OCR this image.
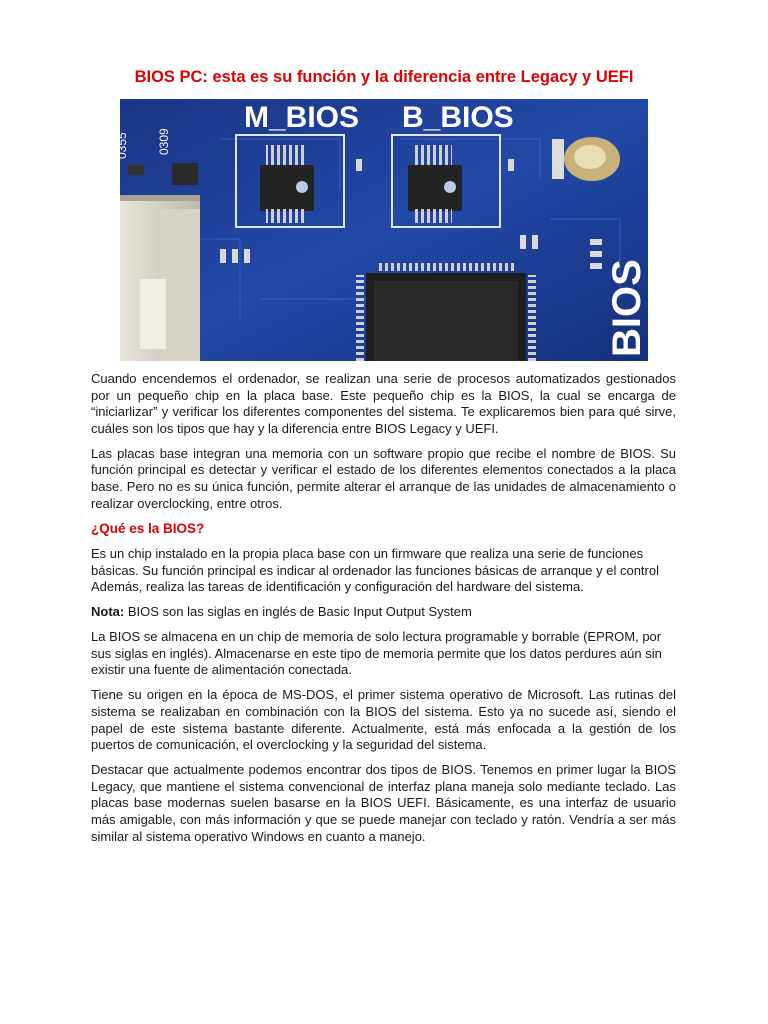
BIOS PC: esta es su función y la diferencia entre Legacy y UEFI
0355 0309
M_BIOS B_BIOS
BIOS

Cuando encendemos el ordenador, se realizan una serie de procesos automatizados gestionados por un pequeño chip en la placa base. Este pequeño chip es la BIOS, la cual se encarga de “iniciarlizar” y verificar los diferentes componentes del sistema. Te explicaremos bien para qué sirve, cuáles son los tipos que hay y la diferencia entre BIOS Legacy y UEFI.

Las placas base integran una memoria con un software propio que recibe el nombre de BIOS. Su función principal es detectar y verificar el estado de los diferentes elementos conectados a la placa base. Pero no es su única función, permite alterar el arranque de las unidades de almacenamiento o realizar overclocking, entre otros.

¿Qué es la BIOS?

Es un chip instalado en la propia placa base con un firmware que realiza una serie de funciones básicas. Su función principal es indicar al ordenador las funciones básicas de arranque y el control Además, realiza las tareas de identificación y configuración del hardware del sistema.

Nota: BIOS son las siglas en inglés de Basic Input Output System

La BIOS se almacena en un chip de memoria de solo lectura programable y borrable (EPROM, por sus siglas en inglés). Almacenarse en este tipo de memoria permite que los datos perdures aún sin existir una fuente de alimentación conectada.

Tiene su origen en la época de MS-DOS, el primer sistema operativo de Microsoft. Las rutinas del sistema se realizaban en combinación con la BIOS del sistema. Esto ya no sucede así, siendo el papel de este sistema bastante diferente. Actualmente, está más enfocada a la gestión de los puertos de comunicación, el overclocking y la seguridad del sistema.

Destacar que actualmente podemos encontrar dos tipos de BIOS. Tenemos en primer lugar la BIOS Legacy, que mantiene el sistema convencional de interfaz plana maneja solo mediante teclado. Las placas base modernas suelen basarse en la BIOS UEFI. Básicamente, es una interfaz de usuario más amigable, con más información y que se puede manejar con teclado y ratón. Vendría a ser más similar al sistema operativo Windows en cuanto a manejo.
